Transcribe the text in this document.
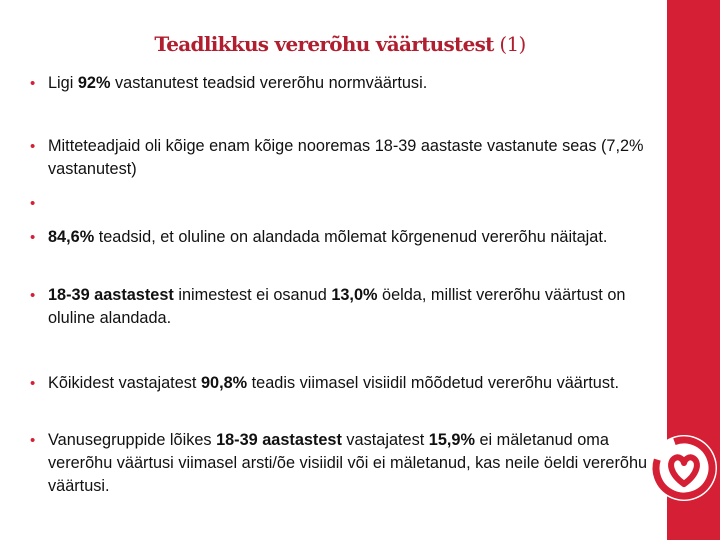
Teadlikkus vererõhu väärtustest (1)
• Ligi 92% vastanutest teadsid vererõhu normväärtusi.
• Mitteteadjaid oli kõige enam kõige nooremas 18-39 aastaste vastanute seas (7,2% vastanutest)
•
• 84,6% teadsid, et oluline on alandada mõlemat kõrgenenud vererõhu näitajat.
• 18-39 aastastest inimestest ei osanud 13,0% öelda, millist vererõhu väärtust on oluline alandada.
• Kõikidest vastajatest 90,8% teadis viimasel visiidil mõõdetud vererõhu väärtust.
• Vanusegruppide lõikes 18-39 aastastest vastajatest 15,9% ei mäletanud oma vererõhu väärtusi viimasel arsti/õe visiidil või ei mäletanud, kas neile öeldi vererõhu väärtusi.
